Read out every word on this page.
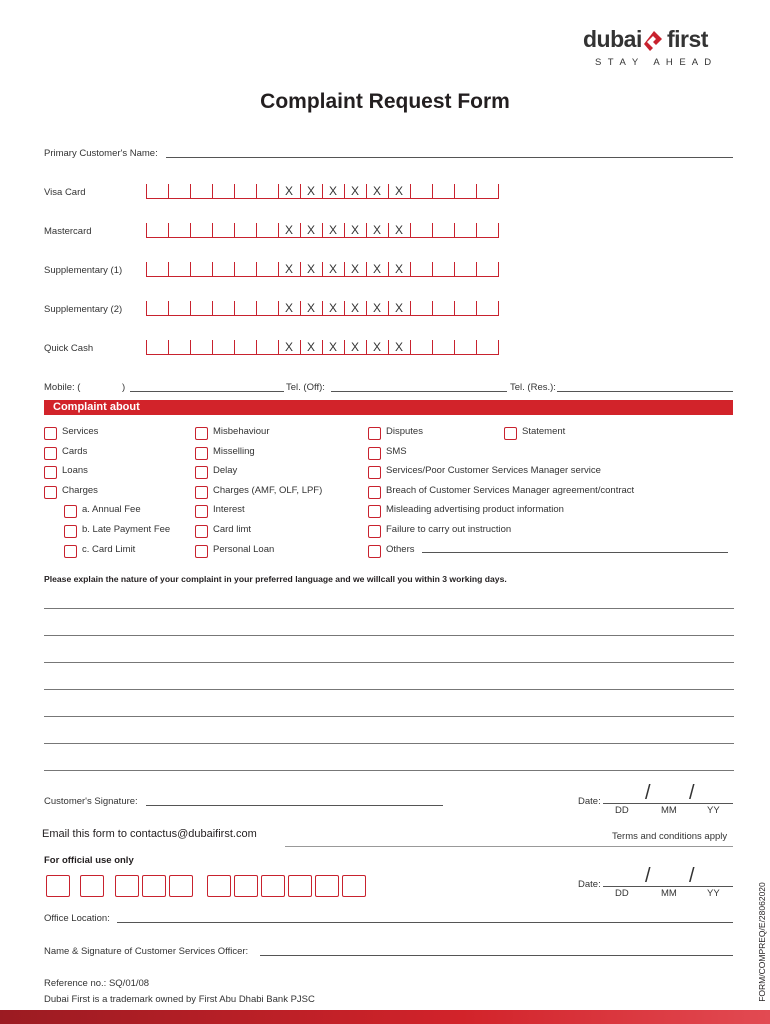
dubai first
S T A Y   A H E A D
Complaint Request Form
Primary Customer's Name:
Visa Card	X	X	X	X	X	X
Mastercard	X	X	X	X	X	X
Supplementary (1)	X	X	X	X	X	X
Supplementary (2)	X	X	X	X	X	X
Quick Cash	X	X	X	X	X	X
Mobile: (	)	Tel. (Off):	Tel. (Res.):
Complaint about
Services
Cards
Loans
Charges
a. Annual Fee
b. Late Payment Fee
c. Card Limit
Misbehaviour
Misselling
Delay
Charges (AMF, OLF, LPF)
Interest
Card limt
Personal Loan
Disputes
SMS
Services/Poor Customer Services Manager service
Breach of Customer Services Manager agreement/contract
Misleading advertising product information
Failure to carry out instruction
Others
Statement
Please explain the nature of your complaint in your preferred language and we willcall you within 3 working days.
Customer's Signature:	Date: / /
DD	MM	YY
Email this form to contactus@dubaifirst.com	Terms and conditions apply
For official use only
Date: / /
DD	MM	YY
Office Location:
Name & Signature of Customer Services Officer:
Reference no.: SQ/01/08
Dubai First is a trademark owned by First Abu Dhabi Bank PJSC	FORM/COMPREQ/E/28062020
